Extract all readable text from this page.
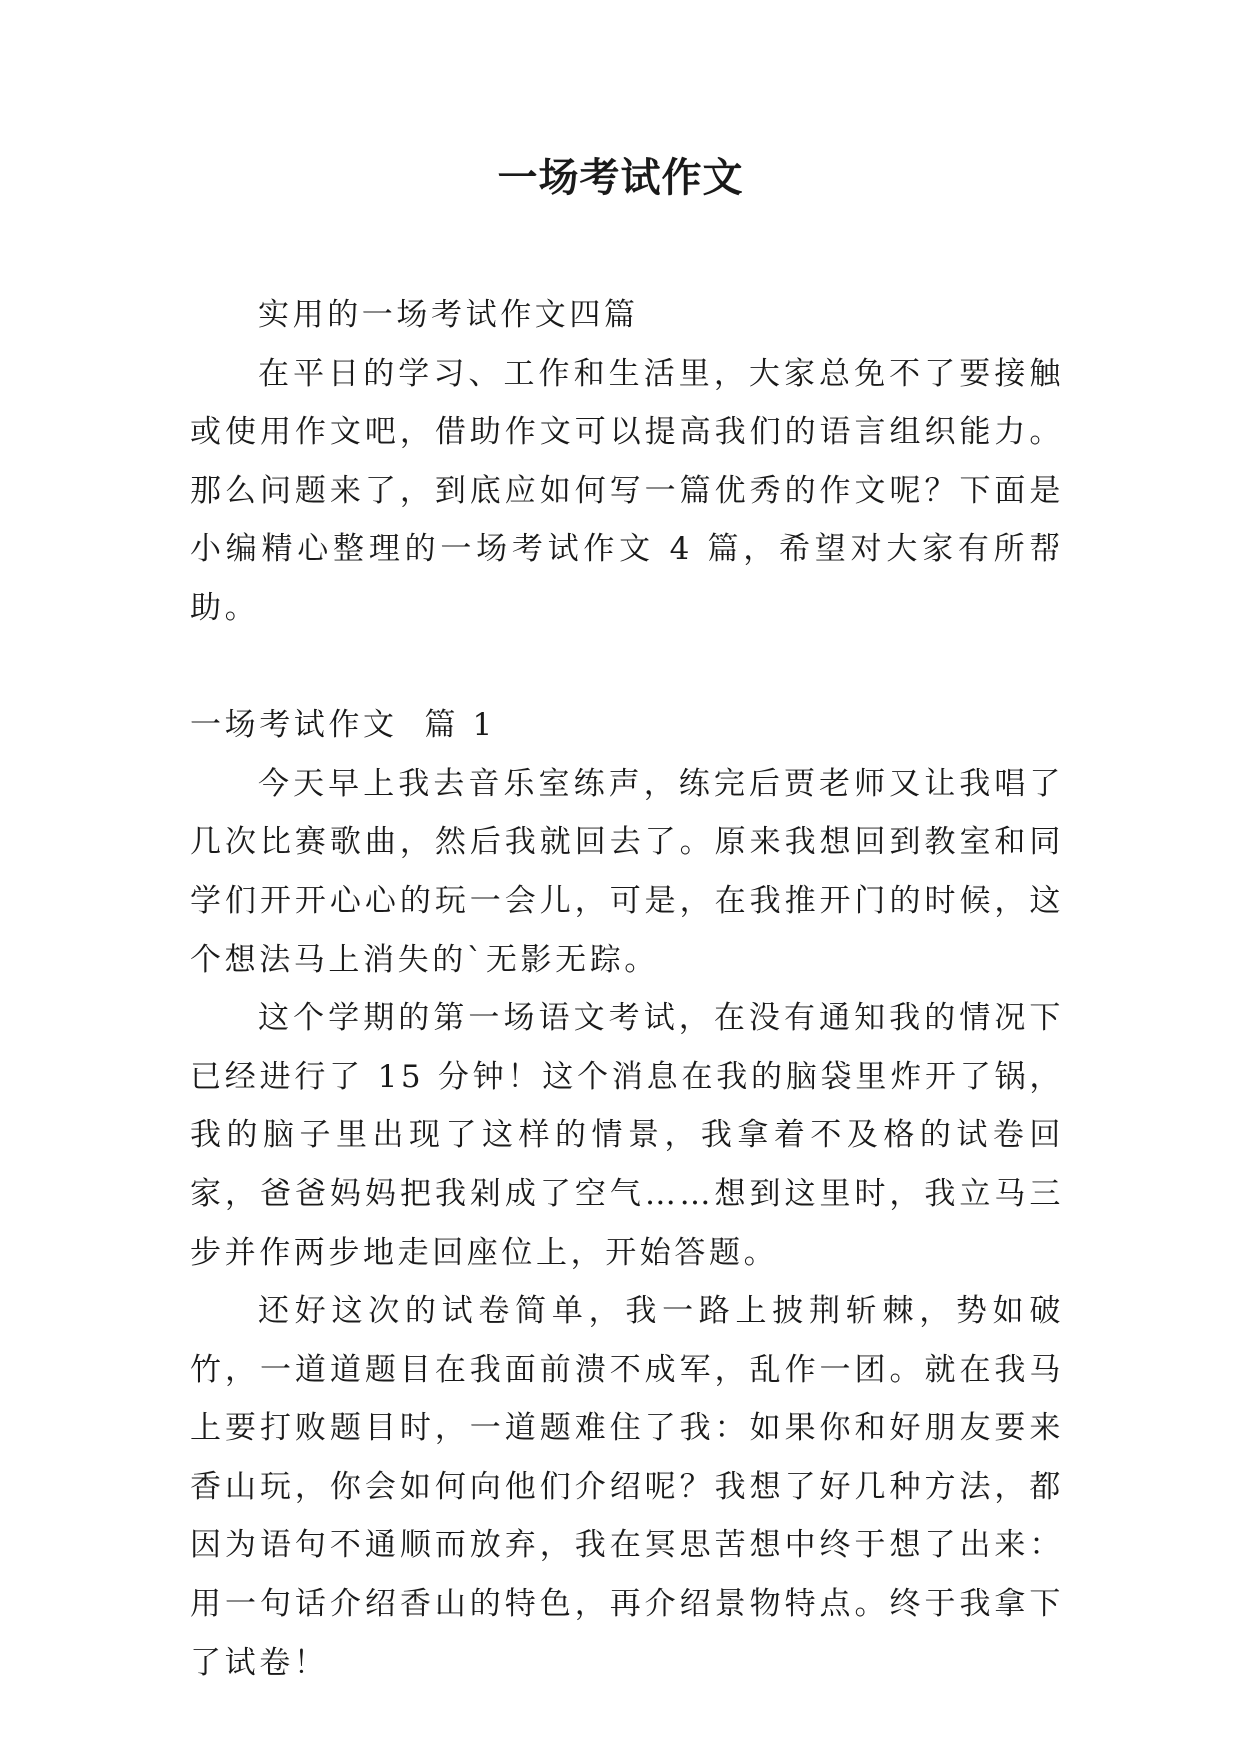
一场考试作文

实用的一场考试作文四篇

在平日的学习、工作和生活里，大家总免不了要接触或使用作文吧，借助作文可以提高我们的语言组织能力。那么问题来了，到底应如何写一篇优秀的作文呢？下面是小编精心整理的一场考试作文 4 篇，希望对大家有所帮助。

一场考试作文  篇 1

今天早上我去音乐室练声，练完后贾老师又让我唱了几次比赛歌曲，然后我就回去了。原来我想回到教室和同学们开开心心的玩一会儿，可是，在我推开门的时候，这个想法马上消失的`无影无踪。

这个学期的第一场语文考试，在没有通知我的情况下已经进行了 15 分钟！这个消息在我的脑袋里炸开了锅，我的脑子里出现了这样的情景，我拿着不及格的试卷回家，爸爸妈妈把我剁成了空气……想到这里时，我立马三步并作两步地走回座位上，开始答题。

还好这次的试卷简单，我一路上披荆斩棘，势如破竹，一道道题目在我面前溃不成军，乱作一团。就在我马上要打败题目时，一道题难住了我：如果你和好朋友要来香山玩，你会如何向他们介绍呢？我想了好几种方法，都因为语句不通顺而放弃，我在冥思苦想中终于想了出来：用一句话介绍香山的特色，再介绍景物特点。终于我拿下了试卷！
